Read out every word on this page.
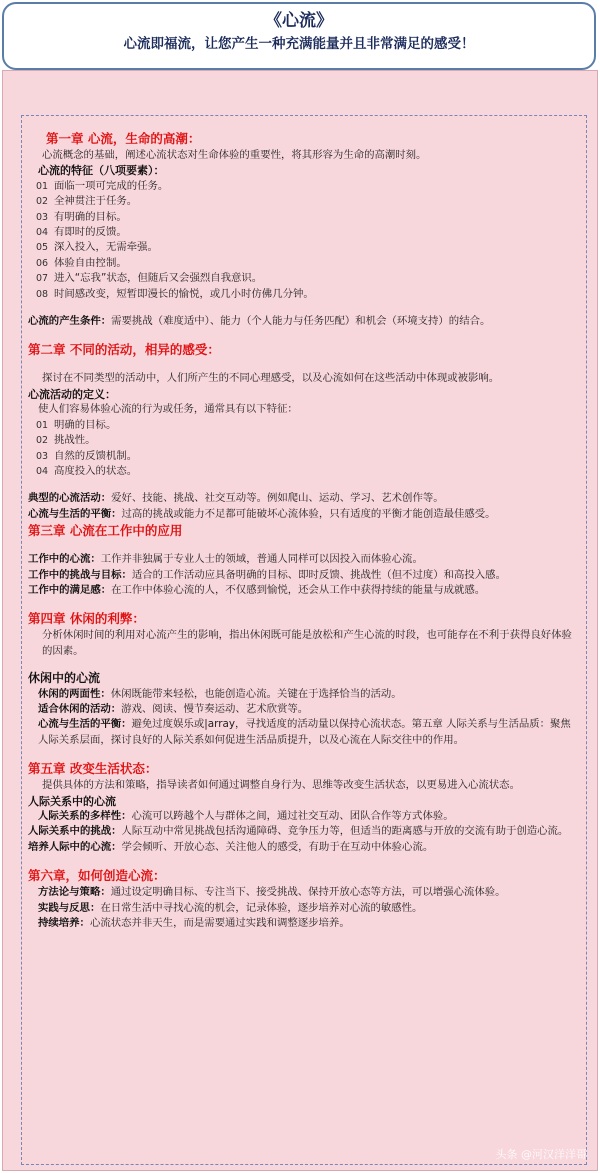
《心流》
心流即福流，让您产生一种充满能量并且非常满足的感受！
第一章 心流，生命的高潮：
心流概念的基础，阐述心流状态对生命体验的重要性，将其形容为生命的高潮时刻。
心流的特征（八项要素）：
01 面临一项可完成的任务。
02 全神贯注于任务。
03 有明确的目标。
04 有即时的反馈。
05 深入投入，无需牵强。
06 体验自由控制。
07 进入“忘我”状态，但随后又会强烈自我意识。
08 时间感改变，短暂即漫长的愉悦，或几小时仿佛几分钟。
心流的产生条件：需要挑战（难度适中）、能力（个人能力与任务匹配）和机会（环境支持）的结合。
第二章 不同的活动，相异的感受：
探讨在不同类型的活动中，人们所产生的不同心理感受，以及心流如何在这些活动中体现或被影响。
心流活动的定义：
使人们容易体验心流的行为或任务，通常具有以下特征：
01 明确的目标。
02 挑战性。
03 自然的反馈机制。
04 高度投入的状态。
典型的心流活动：爱好、技能、挑战、社交互动等。例如爬山、运动、学习、艺术创作等。
心流与生活的平衡：过高的挑战或能力不足都可能破坏心流体验，只有适度的平衡才能创造最佳感受。
第三章 心流在工作中的应用
工作中的心流：工作并非独属于专业人士的领域，普通人同样可以因投入而体验心流。
工作中的挑战与目标：适合的工作活动应具备明确的目标、即时反馈、挑战性（但不过度）和高投入感。
工作中的满足感：在工作中体验心流的人，不仅感到愉悦，还会从工作中获得持续的能量与成就感。
第四章 休闲的利弊：
分析休闲时间的利用对心流产生的影响，指出休闲既可能是放松和产生心流的时段，也可能存在不利于获得良好体验的因素。
休闲中的心流
休闲的两面性：休闲既能带来轻松，也能创造心流。关键在于选择恰当的活动。
适合休闲的活动：游戏、阅读、慢节奏运动、艺术欣赏等。
心流与生活的平衡：避免过度娱乐或|array，寻找适度的活动量以保持心流状态。第五章 人际关系与生活品质：聚焦人际关系层面，探讨良好的人际关系如何促进生活品质提升，以及心流在人际交往中的作用。
第五章 改变生活状态：
提供具体的方法和策略，指导读者如何通过调整自身行为、思维等改变生活状态，以更易进入心流状态。
人际关系中的心流
人际关系的多样性：心流可以跨越个人与群体之间，通过社交互动、团队合作等方式体验。
人际关系中的挑战：人际互动中常见挑战包括沟通障碍、竞争压力等，但适当的距离感与开放的交流有助于创造心流。
培养人际中的心流：学会倾听、开放心态、关注他人的感受，有助于在互动中体验心流。
第六章，如何创造心流：
方法论与策略：通过设定明确目标、专注当下、接受挑战、保持开放心态等方法，可以增强心流体验。
实践与反思：在日常生活中寻找心流的机会，记录体验，逐步培养对心流的敏感性。
持续培养：心流状态并非天生，而是需要通过实践和调整逐步培养。
头条 @河汉洋洋哥
